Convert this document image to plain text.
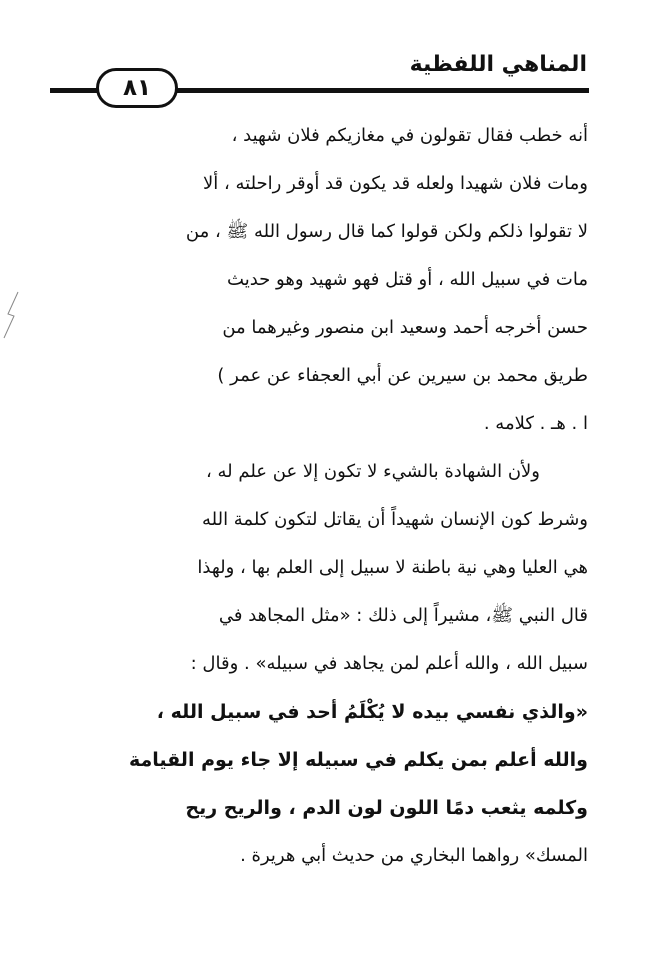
المناهي اللفظية
٨١
أنه خطب فقال تقولون في مغازيكم فلان شهيد ،
ومات فلان شهيدا ولعله قد يكون قد أوقر راحلته ، ألا
لا تقولوا ذلكم ولكن قولوا كما قال رسول الله ﷺ ، من
مات في سبيل الله ، أو قتل فهو شهيد وهو حديث
حسن أخرجه أحمد وسعيد ابن منصور وغيرهما من
طريق محمد بن سيرين عن أبي العجفاء عن عمر )
ا . هـ . كلامه .
ولأن الشهادة بالشيء لا تكون إلا عن علم له ،
وشرط كون الإنسان شهيداً أن يقاتل لتكون كلمة الله
هي العليا وهي نية باطنة لا سبيل إلى العلم بها ، ولهذا
قال النبي ﷺ، مشيراً إلى ذلك : «مثل المجاهد في
سبيل الله ، والله أعلم لمن يجاهد في سبيله» . وقال :
«والذي نفسي بيده لا يُكْلَمُ أحد في سبيل الله ،
والله أعلم بمن يكلم في سبيله إلا جاء يوم القيامة
وكلمه يثعب دمًا اللون لون الدم ، والريح ريح
المسك» رواهما البخاري من حديث أبي هريرة .
